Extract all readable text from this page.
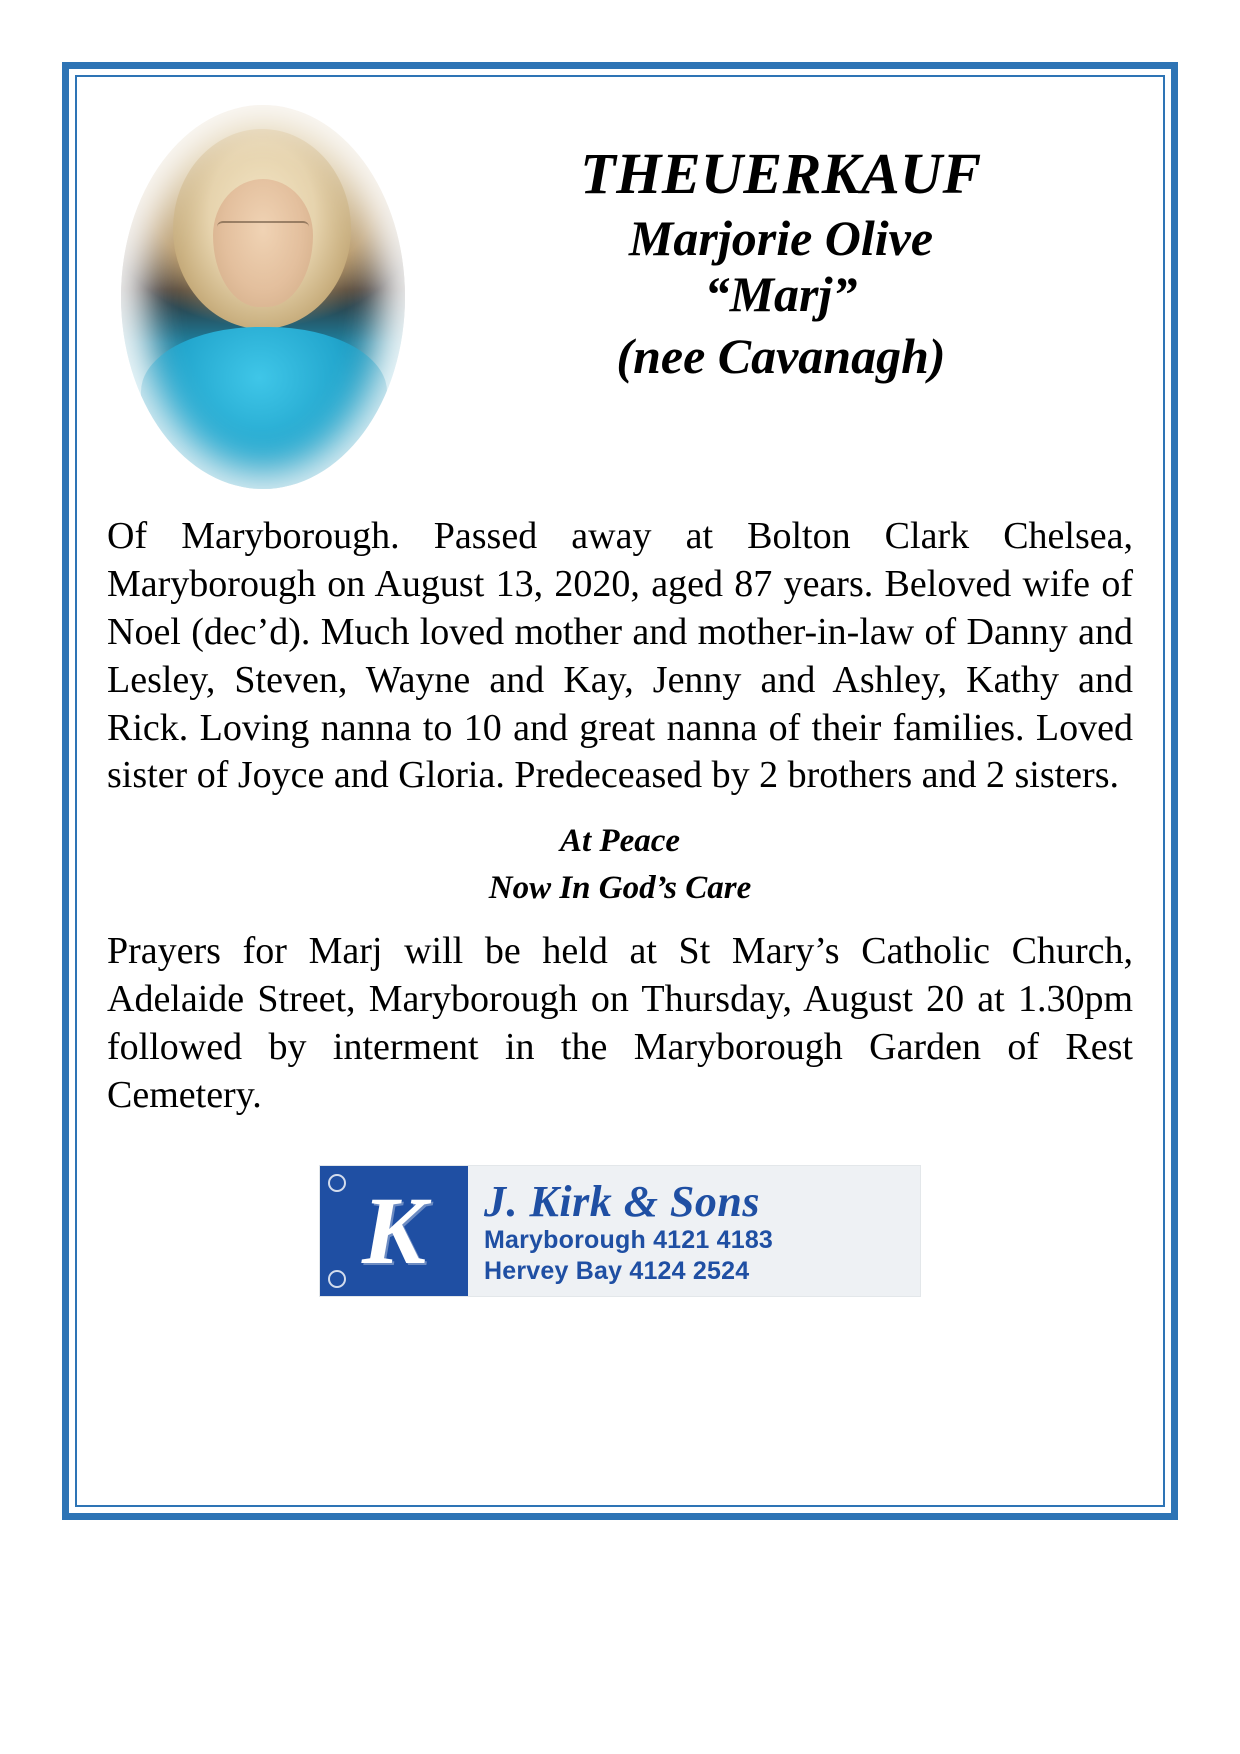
THEUERKAUF
Marjorie Olive
“Marj”
(nee Cavanagh)

Of Maryborough. Passed away at Bolton Clark Chelsea, Maryborough on August 13, 2020, aged 87 years. Beloved wife of Noel (dec’d). Much loved mother and mother-in-law of Danny and Lesley, Steven, Wayne and Kay, Jenny and Ashley, Kathy and Rick. Loving nanna to 10 and great nanna of their families. Loved sister of Joyce and Gloria. Predeceased by 2 brothers and 2 sisters.

At Peace
Now In God’s Care

Prayers for Marj will be held at St Mary’s Catholic Church, Adelaide Street, Maryborough on Thursday, August 20 at 1.30pm followed by interment in the Maryborough Garden of Rest Cemetery.

K J. Kirk & Sons
Maryborough 4121 4183
Hervey Bay 4124 2524
